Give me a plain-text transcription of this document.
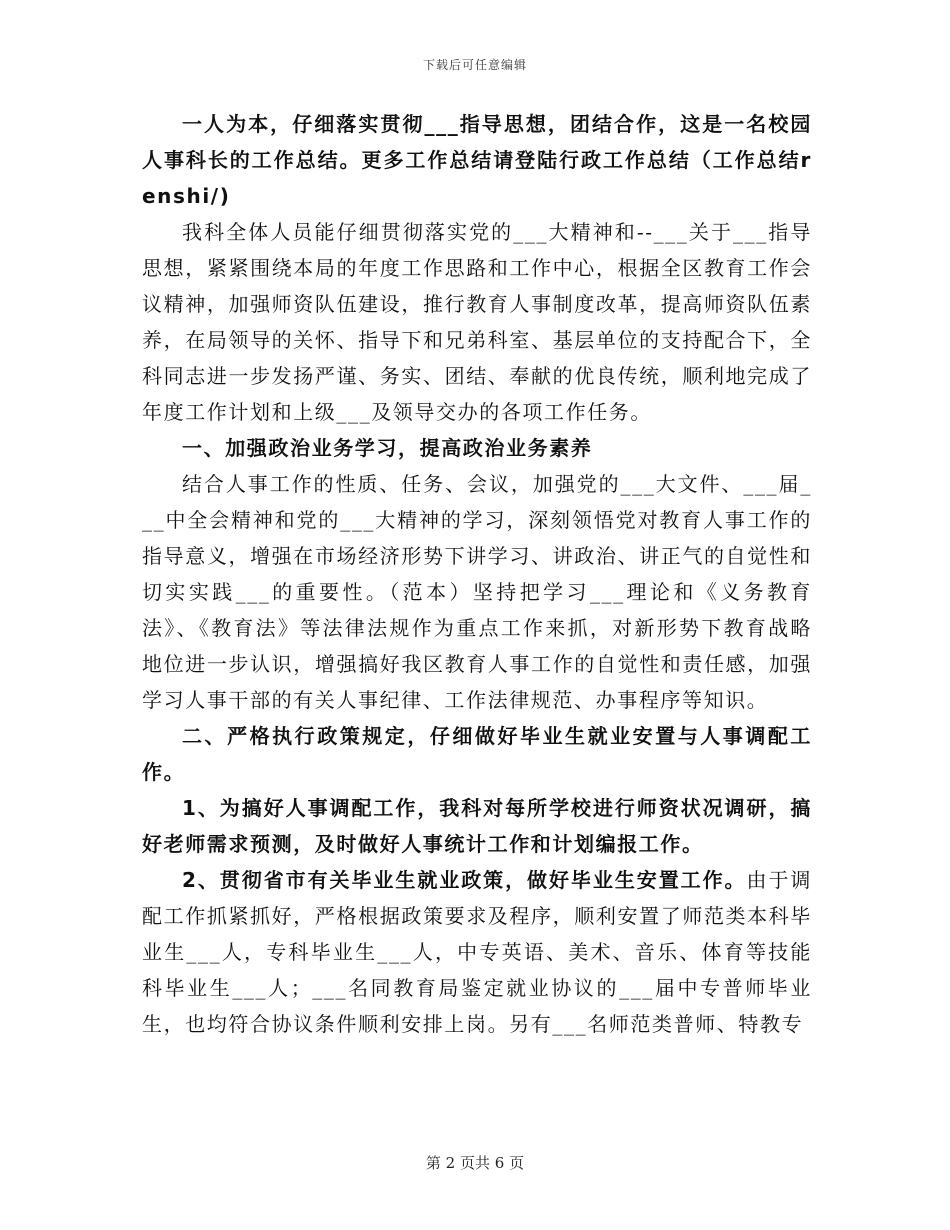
下载后可任意编辑

一人为本，仔细落实贯彻___指导思想，团结合作，这是一名校园人事科长的工作总结。更多工作总结请登陆行政工作总结（工作总结renshi/)

我科全体人员能仔细贯彻落实党的___大精神和--___关于___指导思想，紧紧围绕本局的年度工作思路和工作中心，根据全区教育工作会议精神，加强师资队伍建设，推行教育人事制度改革，提高师资队伍素养，在局领导的关怀、指导下和兄弟科室、基层单位的支持配合下，全科同志进一步发扬严谨、务实、团结、奉献的优良传统，顺利地完成了年度工作计划和上级___及领导交办的各项工作任务。

一、加强政治业务学习，提高政治业务素养

结合人事工作的性质、任务、会议，加强党的___大文件、___届___中全会精神和党的___大精神的学习，深刻领悟党对教育人事工作的指导意义，增强在市场经济形势下讲学习、讲政治、讲正气的自觉性和切实实践___的重要性。（范本）坚持把学习___理论和《义务教育法》、《教育法》等法律法规作为重点工作来抓，对新形势下教育战略地位进一步认识，增强搞好我区教育人事工作的自觉性和责任感，加强学习人事干部的有关人事纪律、工作法律规范、办事程序等知识。

二、严格执行政策规定，仔细做好毕业生就业安置与人事调配工作。

1、为搞好人事调配工作，我科对每所学校进行师资状况调研，搞好老师需求预测，及时做好人事统计工作和计划编报工作。

2、贯彻省市有关毕业生就业政策，做好毕业生安置工作。由于调配工作抓紧抓好，严格根据政策要求及程序，顺利安置了师范类本科毕业生___人，专科毕业生___人，中专英语、美术、音乐、体育等技能科毕业生___人；___名同教育局鉴定就业协议的___届中专普师毕业生，也均符合协议条件顺利安排上岗。另有___名师范类普师、特教专

第 2 页共 6 页
